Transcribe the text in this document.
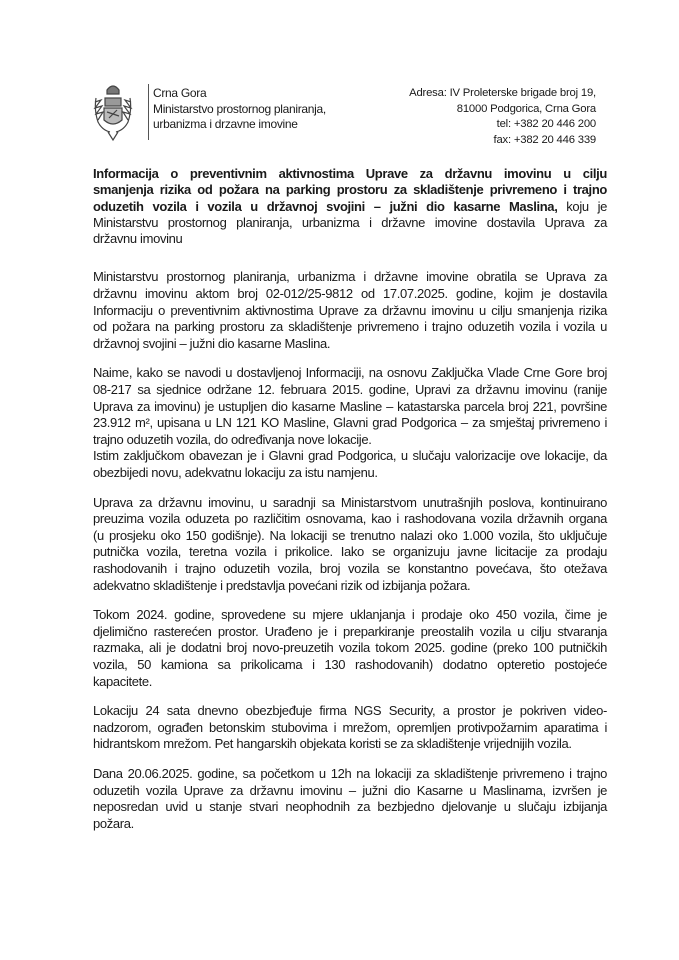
Crna Gora
Ministarstvo prostornog planiranja,
urbanizma i drzavne imovine
Adresa: IV Proleterske brigade broj 19,
81000 Podgorica, Crna Gora
tel: +382 20 446 200
fax: +382 20 446 339
Informacija o preventivnim aktivnostima Uprave za državnu imovinu u cilju
smanjenja rizika od požara na parking prostoru za skladištenje privremeno i trajno
oduzetih vozila i vozila u državnoj svojini – južni dio kasarne Maslina, koju je
Ministarstvu prostornog planiranja, urbanizma i državne imovine dostavila Uprava za
državnu imovinu
Ministarstvu prostornog planiranja, urbanizma i državne imovine obratila se Uprava za
državnu imovinu aktom broj 02-012/25-9812 od 17.07.2025. godine, kojim je dostavila
Informaciju o preventivnim aktivnostima Uprave za državnu imovinu u cilju smanjenja rizika
od požara na parking prostoru za skladištenje privremeno i trajno oduzetih vozila i vozila u
državnoj svojini – južni dio kasarne Maslina.
Naime, kako se navodi u dostavljenoj Informaciji, na osnovu Zaključka Vlade Crne Gore broj
08-217 sa sjednice održane 12. februara 2015. godine, Upravi za državnu imovinu (ranije
Uprava za imovinu) je ustupljen dio kasarne Masline – katastarska parcela broj 221, površine
23.912 m², upisana u LN 121 KO Masline, Glavni grad Podgorica – za smještaj privremeno i
trajno oduzetih vozila, do određivanja nove lokacije.
Istim zaključkom obavezan je i Glavni grad Podgorica, u slučaju valorizacije ove lokacije, da
obezbijedi novu, adekvatnu lokaciju za istu namjenu.
Uprava za državnu imovinu, u saradnji sa Ministarstvom unutrašnjih poslova, kontinuirano
preuzima vozila oduzeta po različitim osnovama, kao i rashodovana vozila državnih organa
(u prosjeku oko 150 godišnje). Na lokaciji se trenutno nalazi oko 1.000 vozila, što uključuje
putnička vozila, teretna vozila i prikolice. Iako se organizuju javne licitacije za prodaju
rashodovanih i trajno oduzetih vozila, broj vozila se konstantno povećava, što otežava
adekvatno skladištenje i predstavlja povećani rizik od izbijanja požara.
Tokom 2024. godine, sprovedene su mjere uklanjanja i prodaje oko 450 vozila, čime je
djelimično rasterećen prostor. Urađeno je i preparkiranje preostalih vozila u cilju stvaranja
razmaka, ali je dodatni broj novo-preuzetih vozila tokom 2025. godine (preko 100 putničkih
vozila, 50 kamiona sa prikolicama i 130 rashodovanih) dodatno opteretio postojeće
kapacitete.
Lokaciju 24 sata dnevno obezbjeđuje firma NGS Security, a prostor je pokriven video-
nadzorom, ograđen betonskim stubovima i mrežom, opremljen protivpožarnim aparatima i
hidrantskom mrežom. Pet hangarskih objekata koristi se za skladištenje vrijednijih vozila.
Dana 20.06.2025. godine, sa početkom u 12h na lokaciji za skladištenje privremeno i trajno
oduzetih vozila Uprave za državnu imovinu – južni dio Kasarne u Maslinama, izvršen je
neposredan uvid u stanje stvari neophodnih za bezbjedno djelovanje u slučaju izbijanja
požara.
